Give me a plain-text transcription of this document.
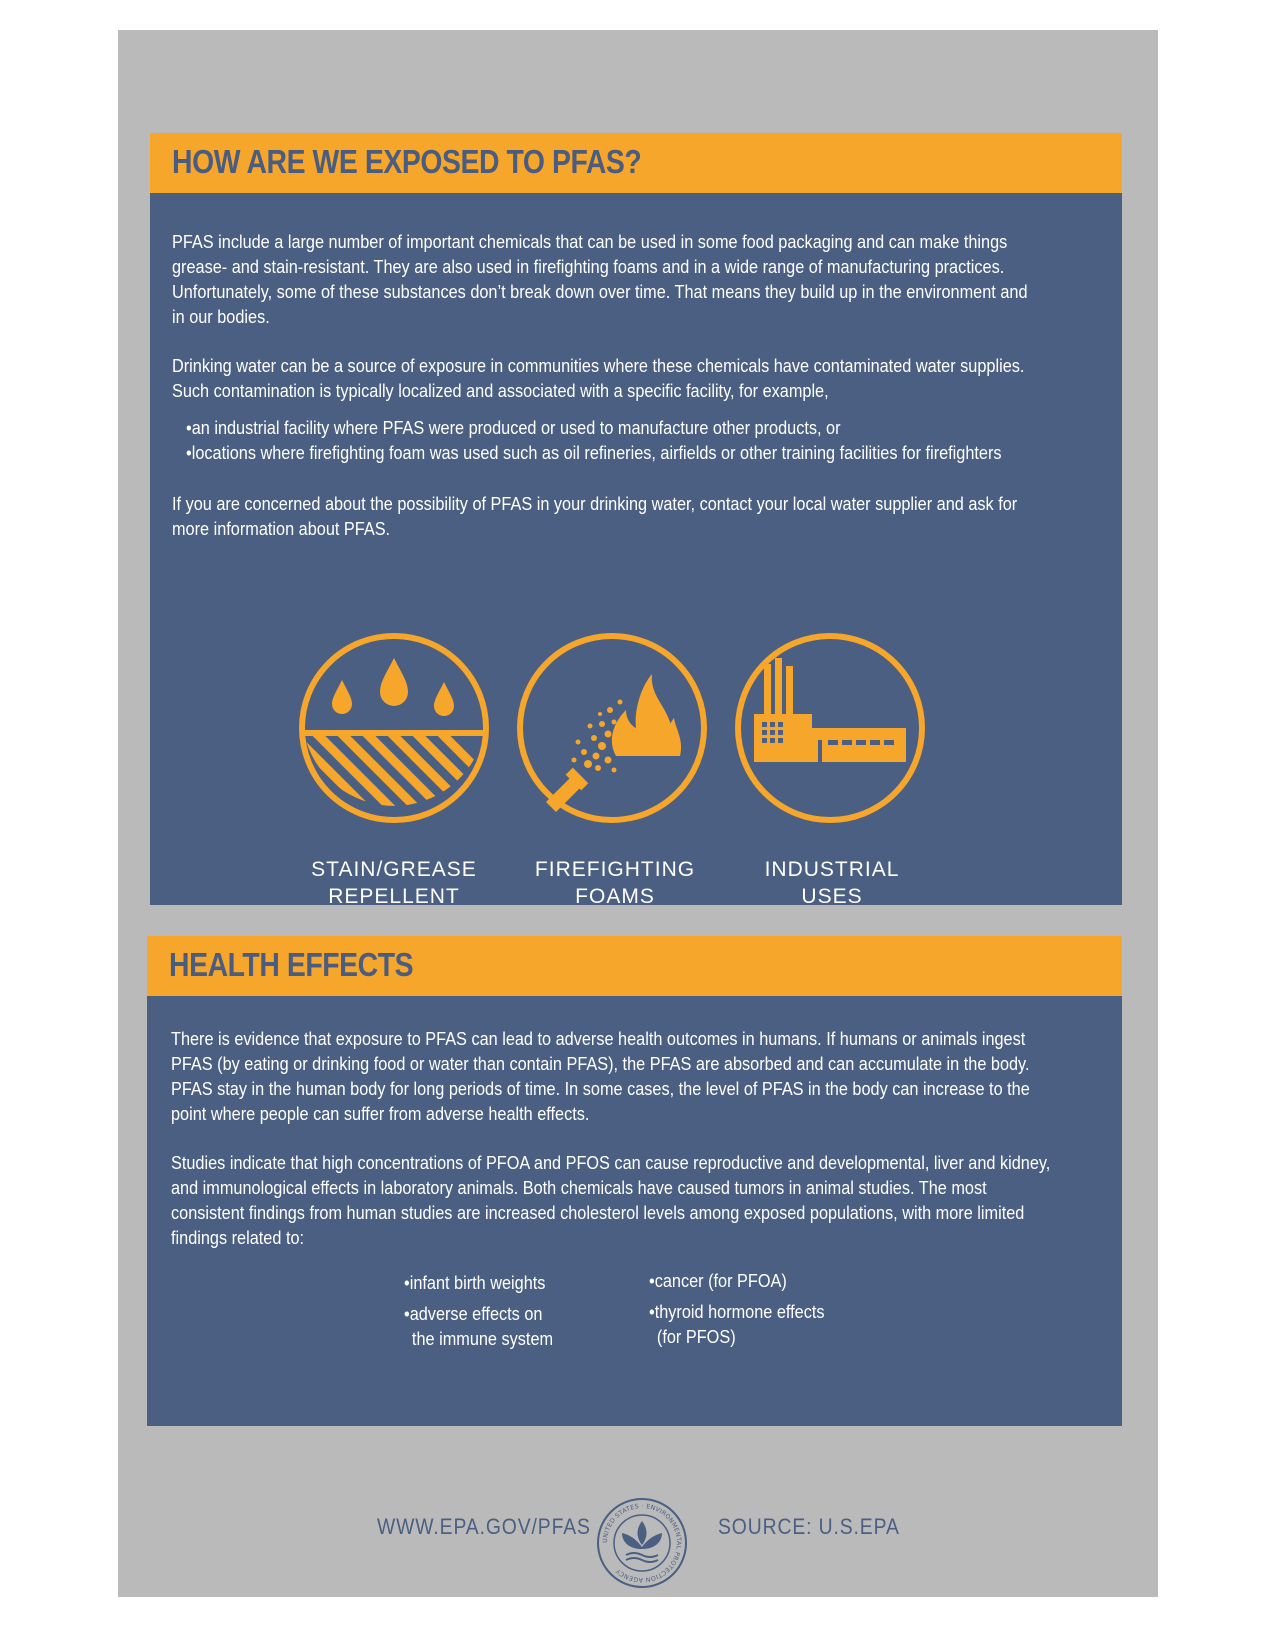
HOW ARE WE EXPOSED TO PFAS?
PFAS include a large number of important chemicals that can be used in some food packaging and can make things grease- and stain-resistant. They are also used in firefighting foams and in a wide range of manufacturing practices. Unfortunately, some of these substances don’t break down over time. That means they build up in the environment and in our bodies.
Drinking water can be a source of exposure in communities where these chemicals have contaminated water supplies. Such contamination is typically localized and associated with a specific facility, for example,
•an industrial facility where PFAS were produced or used to manufacture other products, or
•locations where firefighting foam was used such as oil refineries, airfields or other training facilities for firefighters
If you are concerned about the possibility of PFAS in your drinking water, contact your local water supplier and ask for more information about PFAS.
STAIN/GREASE
REPELLENT
FIREFIGHTING
FOAMS
INDUSTRIAL
USES
HEALTH EFFECTS
There is evidence that exposure to PFAS can lead to adverse health outcomes in humans. If humans or animals ingest PFAS (by eating or drinking food or water than contain PFAS), the PFAS are absorbed and can accumulate in the body. PFAS stay in the human body for long periods of time. In some cases, the level of PFAS in the body can increase to the point where people can suffer from adverse health effects.
Studies indicate that high concentrations of PFOA and PFOS can cause reproductive and developmental, liver and kidney, and immunological effects in laboratory animals. Both chemicals have caused tumors in animal studies. The most consistent findings from human studies are increased cholesterol levels among exposed populations, with more limited findings related to:
•infant birth weights
•adverse effects on
the immune system
•cancer (for PFOA)
•thyroid hormone effects
(for PFOS)
WWW.EPA.GOV/PFAS
UNITED STATES · ENVIRONMENTAL PROTECTION AGENCY
SOURCE: U.S.EPA
